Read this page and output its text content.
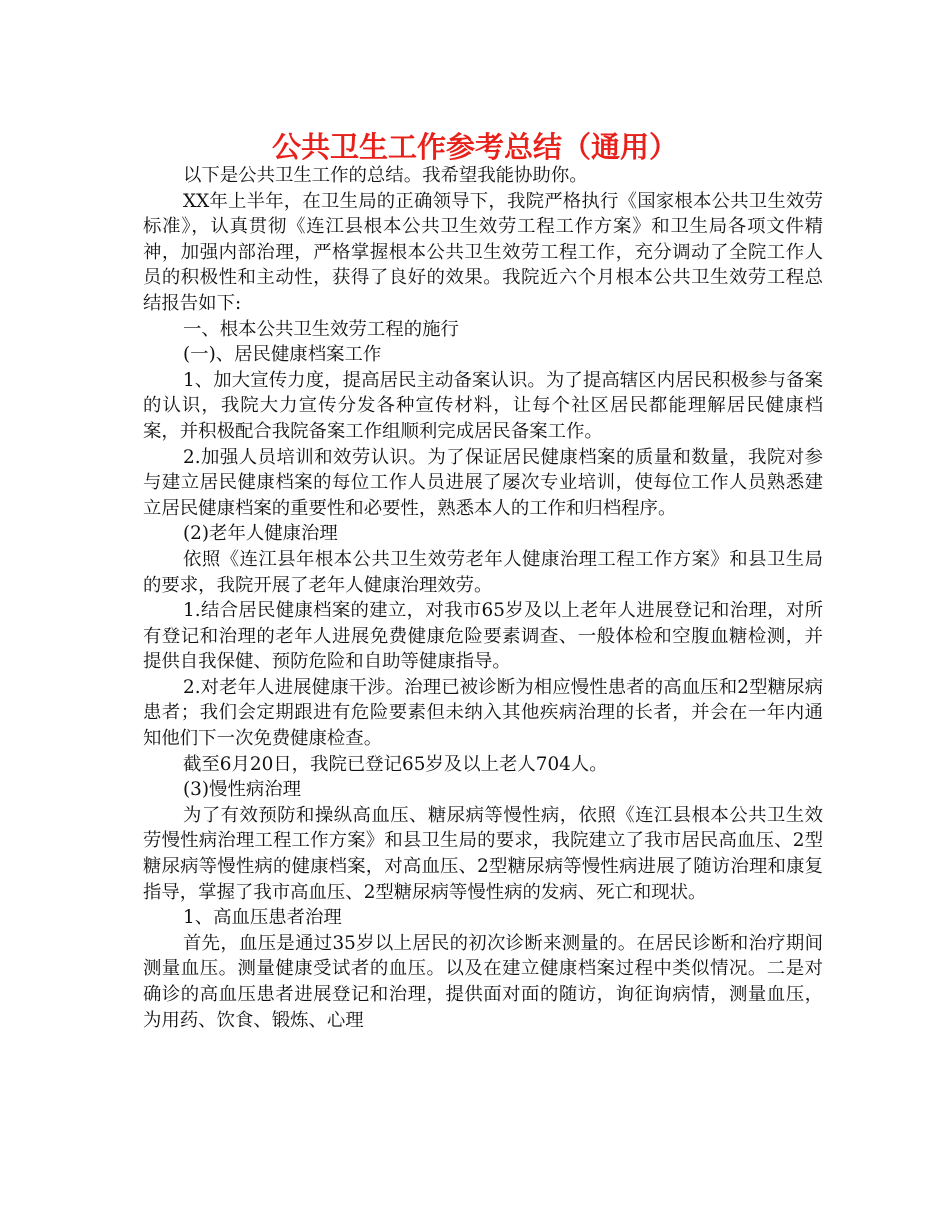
公共卫生工作参考总结（通用）

以下是公共卫生工作的总结。我希望我能协助你。

XX年上半年，在卫生局的正确领导下，我院严格执行《国家根本公共卫生效劳标准》，认真贯彻《连江县根本公共卫生效劳工程工作方案》和卫生局各项文件精神，加强内部治理，严格掌握根本公共卫生效劳工程工作，充分调动了全院工作人员的积极性和主动性，获得了良好的效果。我院近六个月根本公共卫生效劳工程总结报告如下:

一、根本公共卫生效劳工程的施行

(一)、居民健康档案工作

1、加大宣传力度，提高居民主动备案认识。为了提高辖区内居民积极参与备案的认识，我院大力宣传分发各种宣传材料，让每个社区居民都能理解居民健康档案，并积极配合我院备案工作组顺利完成居民备案工作。

2.加强人员培训和效劳认识。为了保证居民健康档案的质量和数量，我院对参与建立居民健康档案的每位工作人员进展了屡次专业培训，使每位工作人员熟悉建立居民健康档案的重要性和必要性，熟悉本人的工作和归档程序。

(2)老年人健康治理

依照《连江县年根本公共卫生效劳老年人健康治理工程工作方案》和县卫生局的要求，我院开展了老年人健康治理效劳。

1.结合居民健康档案的建立，对我市65岁及以上老年人进展登记和治理，对所有登记和治理的老年人进展免费健康危险要素调查、一般体检和空腹血糖检测，并提供自我保健、预防危险和自助等健康指导。

2.对老年人进展健康干涉。治理已被诊断为相应慢性患者的高血压和2型糖尿病患者；我们会定期跟进有危险要素但未纳入其他疾病治理的长者，并会在一年内通知他们下一次免费健康检查。

截至6月20日，我院已登记65岁及以上老人704人。

(3)慢性病治理

为了有效预防和操纵高血压、糖尿病等慢性病，依照《连江县根本公共卫生效劳慢性病治理工程工作方案》和县卫生局的要求，我院建立了我市居民高血压、2型糖尿病等慢性病的健康档案，对高血压、2型糖尿病等慢性病进展了随访治理和康复指导，掌握了我市高血压、2型糖尿病等慢性病的发病、死亡和现状。

1、高血压患者治理

首先，血压是通过35岁以上居民的初次诊断来测量的。在居民诊断和治疗期间测量血压。测量健康受试者的血压。以及在建立健康档案过程中类似情况。二是对确诊的高血压患者进展登记和治理，提供面对面的随访，询征询病情，测量血压，为用药、饮食、锻炼、心理
